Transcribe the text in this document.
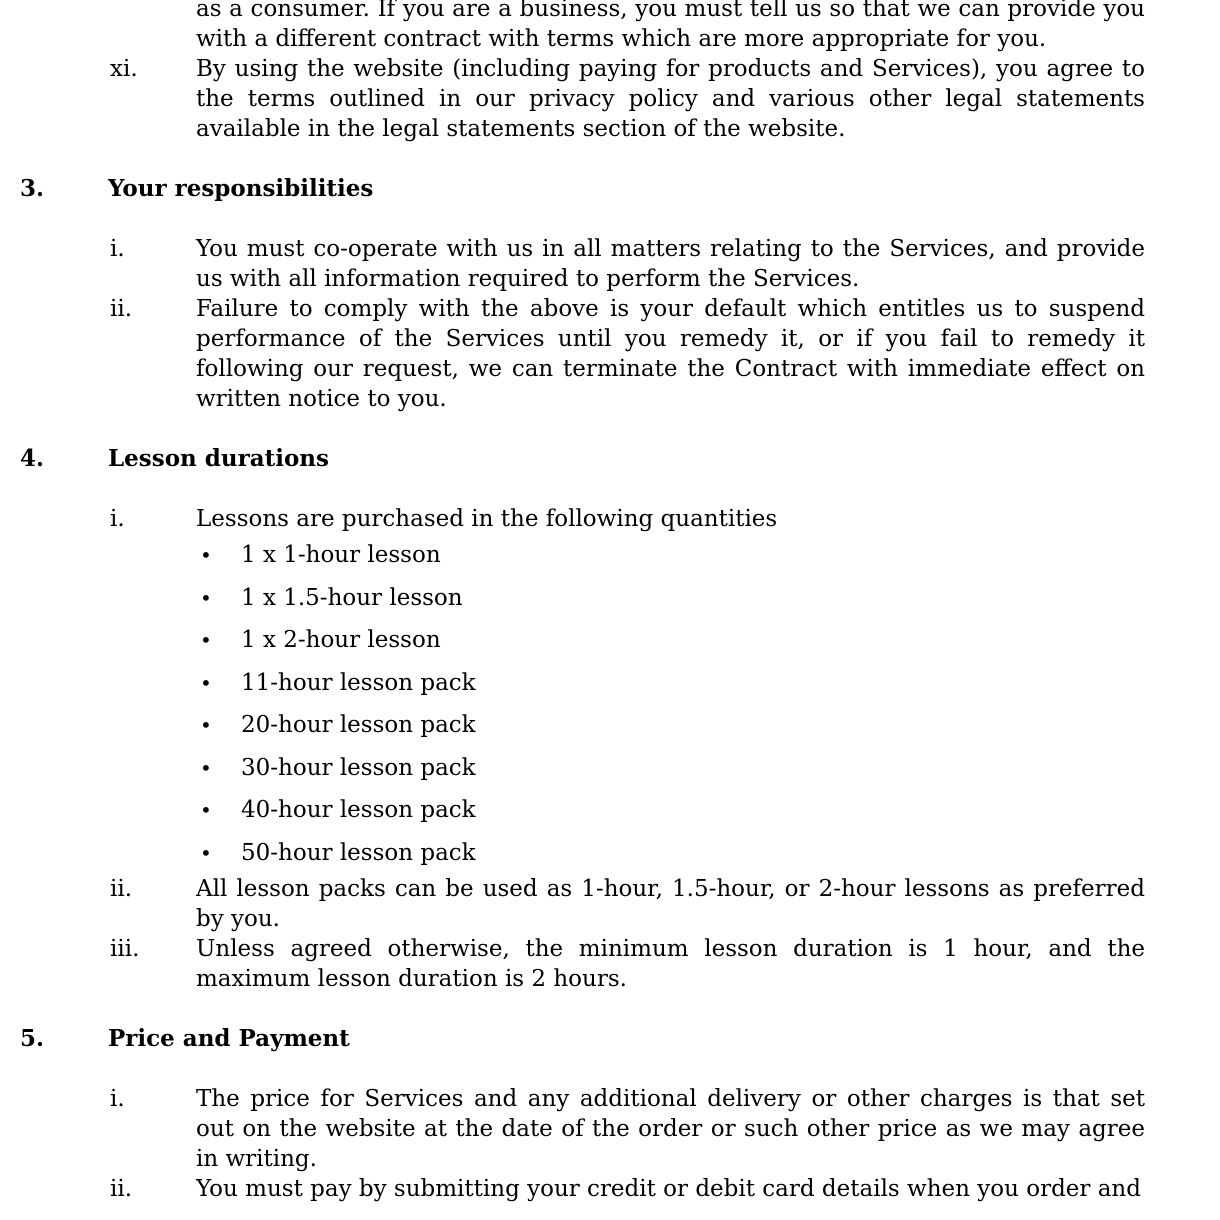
as a consumer. If you are a business, you must tell us so that we can provide you with a different contract with terms which are more appropriate for you.
xi.	By using the website (including paying for products and Services), you agree to the terms outlined in our privacy policy and various other legal statements available in the legal statements section of the website.
3.	Your responsibilities
i.	You must co-operate with us in all matters relating to the Services, and provide us with all information required to perform the Services.
ii.	Failure to comply with the above is your default which entitles us to suspend performance of the Services until you remedy it, or if you fail to remedy it following our request, we can terminate the Contract with immediate effect on written notice to you.
4.	Lesson durations
i.	Lessons are purchased in the following quantities
• 1 x 1-hour lesson
• 1 x 1.5-hour lesson
• 1 x 2-hour lesson
• 11-hour lesson pack
• 20-hour lesson pack
• 30-hour lesson pack
• 40-hour lesson pack
• 50-hour lesson pack
ii.	All lesson packs can be used as 1-hour, 1.5-hour, or 2-hour lessons as preferred by you.
iii. Unless agreed otherwise, the minimum lesson duration is 1 hour, and the maximum lesson duration is 2 hours.
5.	Price and Payment
i.	The price for Services and any additional delivery or other charges is that set out on the website at the date of the order or such other price as we may agree in writing.
ii.	You must pay by submitting your credit or debit card details when you order and
